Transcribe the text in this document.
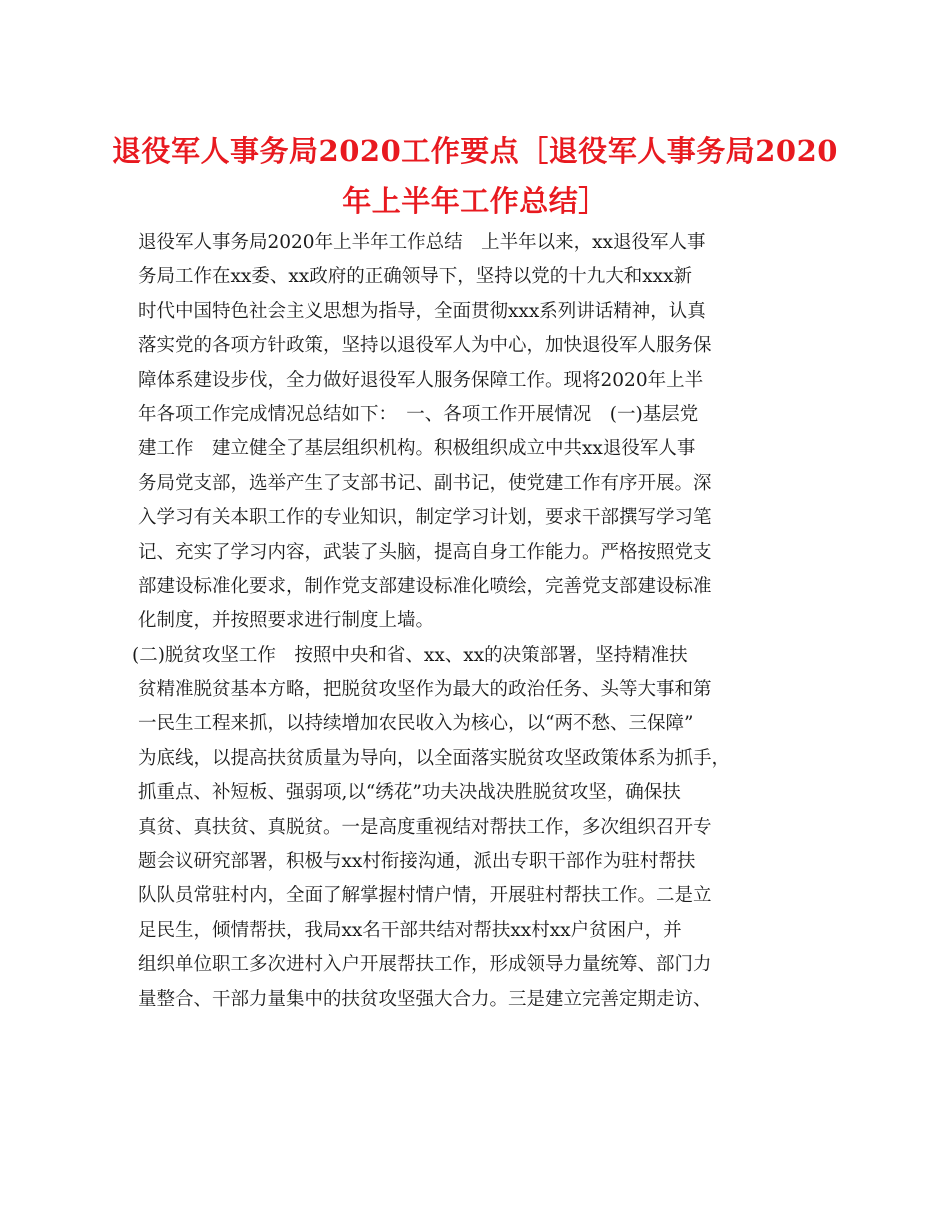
退役军人事务局2020工作要点［退役军人事务局2020
年上半年工作总结］
退役军人事务局2020年上半年工作总结　上半年以来，xx退役军人事
务局工作在xx委、xx政府的正确领导下，坚持以党的十九大和xxx新
时代中国特色社会主义思想为指导，全面贯彻xxx系列讲话精神，认真
落实党的各项方针政策，坚持以退役军人为中心，加快退役军人服务保
障体系建设步伐，全力做好退役军人服务保障工作。现将2020年上半
年各项工作完成情况总结如下：　一、各项工作开展情况　(一)基层党
建工作　建立健全了基层组织机构。积极组织成立中共xx退役军人事
务局党支部，选举产生了支部书记、副书记，使党建工作有序开展。深
入学习有关本职工作的专业知识，制定学习计划，要求干部撰写学习笔
记、充实了学习内容，武装了头脑，提高自身工作能力。严格按照党支
部建设标准化要求，制作党支部建设标准化喷绘，完善党支部建设标准
化制度，并按照要求进行制度上墙。
(二)脱贫攻坚工作　按照中央和省、xx、xx的决策部署，坚持精准扶
贫精准脱贫基本方略，把脱贫攻坚作为最大的政治任务、头等大事和第
一民生工程来抓，以持续增加农民收入为核心，以“两不愁、三保障”
为底线，以提高扶贫质量为导向，以全面落实脱贫攻坚政策体系为抓手，
抓重点、补短板、强弱项,以“绣花”功夫决战决胜脱贫攻坚，确保扶
真贫、真扶贫、真脱贫。一是高度重视结对帮扶工作，多次组织召开专
题会议研究部署，积极与xx村衔接沟通，派出专职干部作为驻村帮扶
队队员常驻村内，全面了解掌握村情户情，开展驻村帮扶工作。二是立
足民生，倾情帮扶，我局xx名干部共结对帮扶xx村xx户贫困户，并
组织单位职工多次进村入户开展帮扶工作，形成领导力量统筹、部门力
量整合、干部力量集中的扶贫攻坚强大合力。三是建立完善定期走访、
